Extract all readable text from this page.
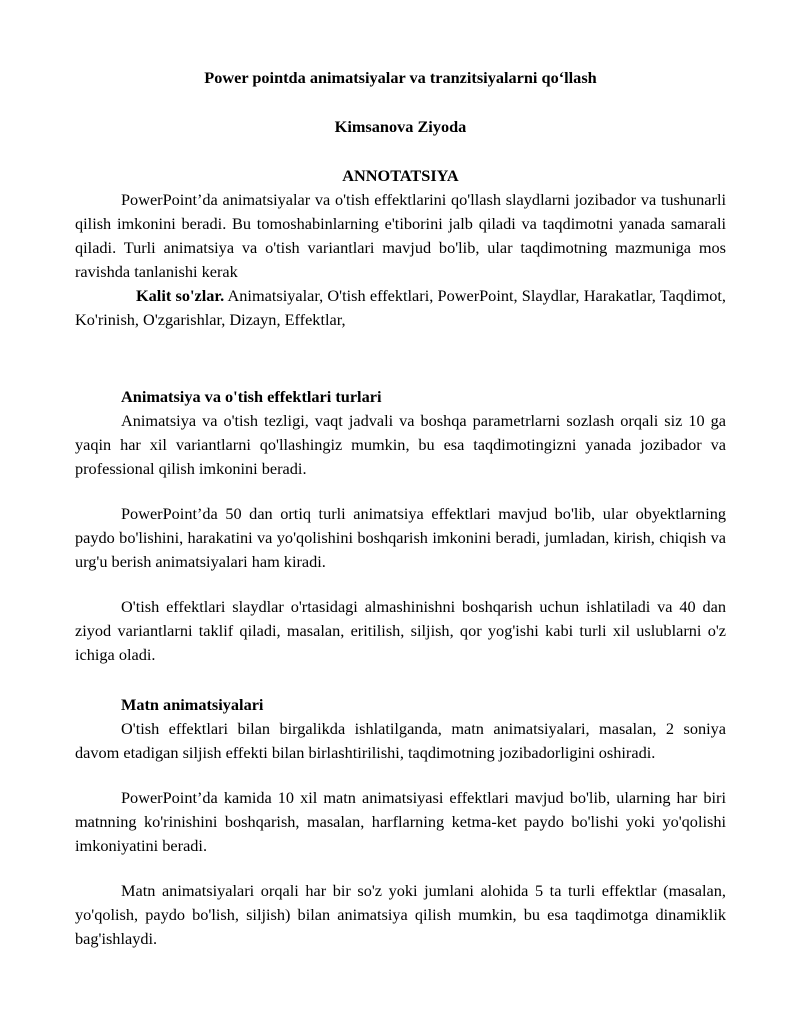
Power pointda animatsiyalar va tranzitsiyalarni qo‘llash
Kimsanova Ziyoda
ANNOTATSIYA

PowerPoint’da animatsiyalar va o'tish effektlarini qo'llash slaydlarni jozibador va tushunarli qilish imkonini beradi. Bu tomoshabinlarning e'tiborini jalb qiladi va taqdimotni yanada samarali qiladi. Turli animatsiya va o'tish variantlari mavjud bo'lib, ular taqdimotning mazmuniga mos ravishda tanlanishi kerak

Kalit so'zlar. Animatsiyalar, O'tish effektlari, PowerPoint, Slaydlar, Harakatlar, Taqdimot, Ko'rinish, O'zgarishlar, Dizayn, Effektlar,

Animatsiya va o'tish effektlari turlari

Animatsiya va o'tish tezligi, vaqt jadvali va boshqa parametrlarni sozlash orqali siz 10 ga yaqin har xil variantlarni qo'llashingiz mumkin, bu esa taqdimotingizni yanada jozibador va professional qilish imkonini beradi.

PowerPoint’da 50 dan ortiq turli animatsiya effektlari mavjud bo'lib, ular obyektlarning paydo bo'lishini, harakatini va yo'qolishini boshqarish imkonini beradi, jumladan, kirish, chiqish va urg'u berish animatsiyalari ham kiradi.

O'tish effektlari slaydlar o'rtasidagi almashinishni boshqarish uchun ishlatiladi va 40 dan ziyod variantlarni taklif qiladi, masalan, eritilish, siljish, qor yog'ishi kabi turli xil uslublarni o'z ichiga oladi.

Matn animatsiyalari

O'tish effektlari bilan birgalikda ishlatilganda, matn animatsiyalari, masalan, 2 soniya davom etadigan siljish effekti bilan birlashtirilishi, taqdimotning jozibadorligini oshiradi.

PowerPoint’da kamida 10 xil matn animatsiyasi effektlari mavjud bo'lib, ularning har biri matnning ko'rinishini boshqarish, masalan, harflarning ketma-ket paydo bo'lishi yoki yo'qolishi imkoniyatini beradi.

Matn animatsiyalari orqali har bir so'z yoki jumlani alohida 5 ta turli effektlar (masalan, yo'qolish, paydo bo'lish, siljish) bilan animatsiya qilish mumkin, bu esa taqdimotga dinamiklik bag'ishlaydi.
